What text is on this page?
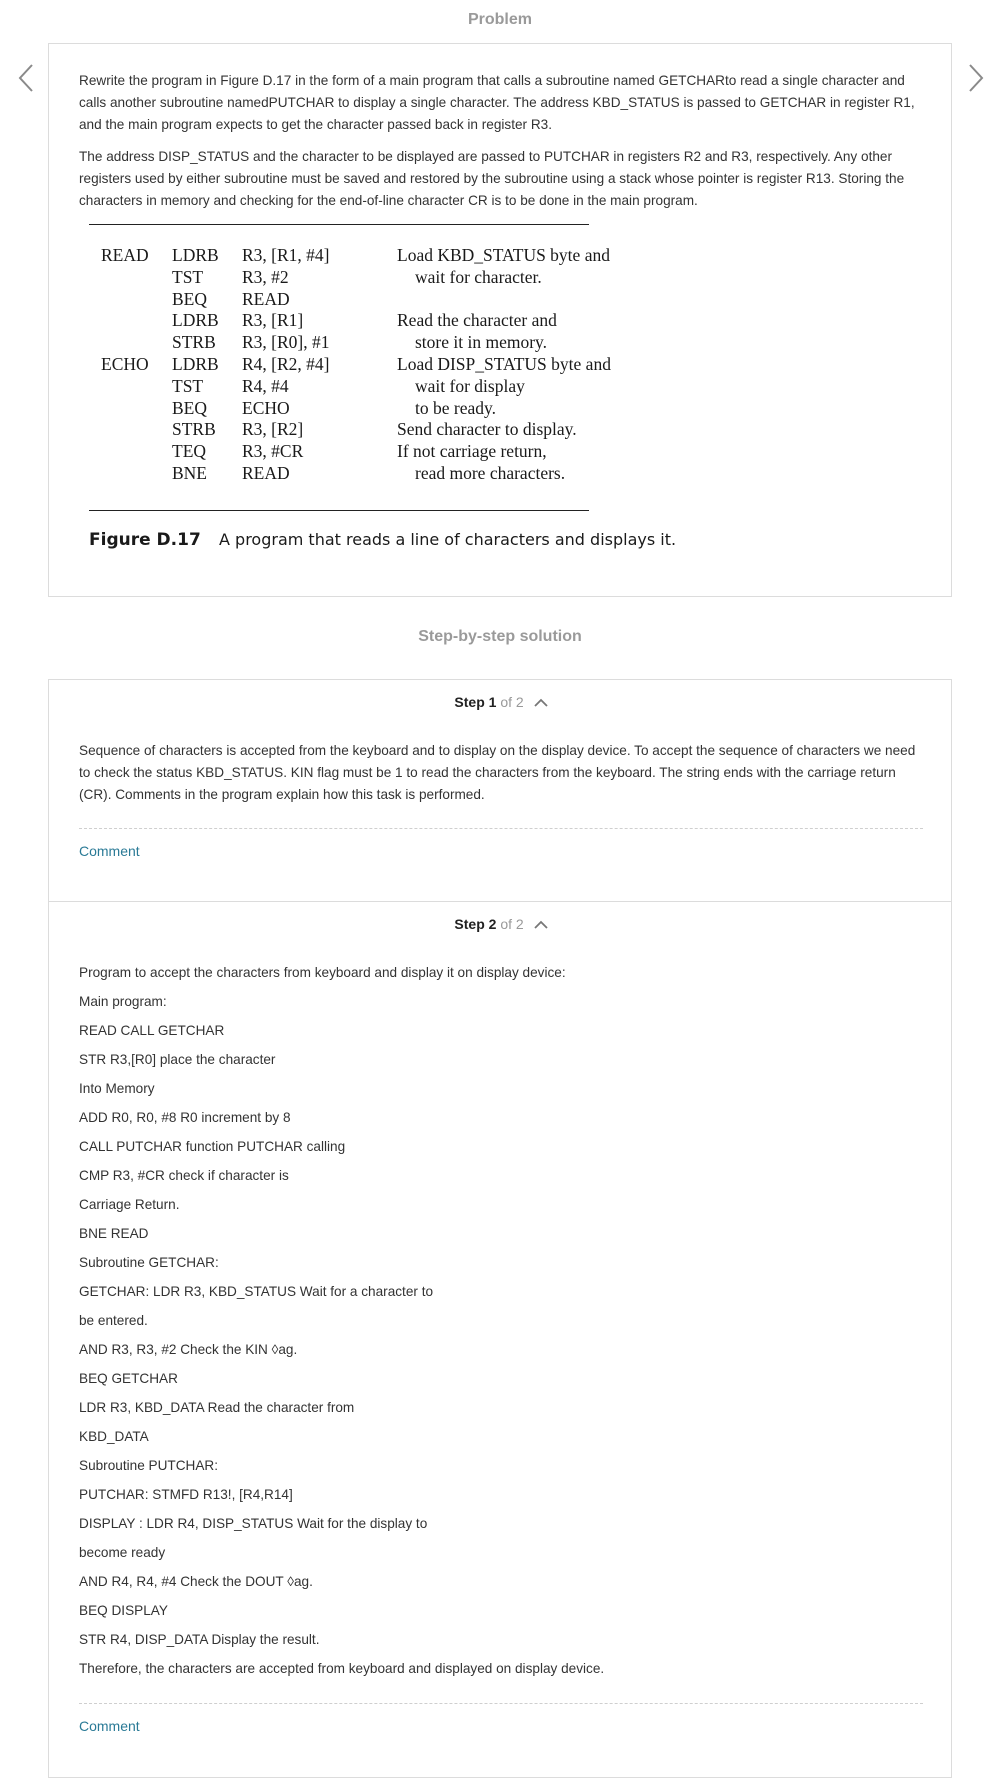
Problem

Rewrite the program in Figure D.17 in the form of a main program that calls a subroutine named GETCHARto read a single character and calls another subroutine namedPUTCHAR to display a single character. The address KBD_STATUS is passed to GETCHAR in register R1, and the main program expects to get the character passed back in register R3.

The address DISP_STATUS and the character to be displayed are passed to PUTCHAR in registers R2 and R3, respectively. Any other registers used by either subroutine must be saved and restored by the subroutine using a stack whose pointer is register R13. Storing the characters in memory and checking for the end-of-line character CR is to be done in the main program.

READ LDRB R3, [R1, #4]	Load KBD_STATUS byte and
TST R3, #2	wait for character.
BEQ READ
LDRB R3, [R1]	Read the character and
STRB R3, [R0], #1	store it in memory.
ECHO LDRB R4, [R2, #4]	Load DISP_STATUS byte and
TST R4, #4	wait for display
BEQ ECHO	to be ready.
STRB R3, [R2]	Send character to display.
TEQ R3, #CR	If not carriage return,
BNE READ	read more characters.
Figure D.17 A program that reads a line of characters and displays it.
Step-by-step solution
Step 1 of 2

Sequence of characters is accepted from the keyboard and to display on the display device. To accept the sequence of characters we need to check the status KBD_STATUS. KIN flag must be 1 to read the characters from the keyboard. The string ends with the carriage return (CR). Comments in the program explain how this task is performed.

Comment
Step 2 of 2
Program to accept the characters from keyboard and display it on display device:
Main program:
READ CALL GETCHAR
STR R3,[R0] place the character
Into Memory
ADD R0, R0, #8 R0 increment by 8
CALL PUTCHAR function PUTCHAR calling
CMP R3, #CR check if character is
Carriage Return.
BNE READ
Subroutine GETCHAR:
GETCHAR: LDR R3, KBD_STATUS Wait for a character to
be entered.
AND R3, R3, #2 Check the KIN ◊ag.
BEQ GETCHAR
LDR R3, KBD_DATA Read the character from
KBD_DATA
Subroutine PUTCHAR:
PUTCHAR: STMFD R13!, [R4,R14]
DISPLAY : LDR R4, DISP_STATUS Wait for the display to
become ready
AND R4, R4, #4 Check the DOUT ◊ag.
BEQ DISPLAY
STR R4, DISP_DATA Display the result.
Therefore, the characters are accepted from keyboard and displayed on display device.
Comment
